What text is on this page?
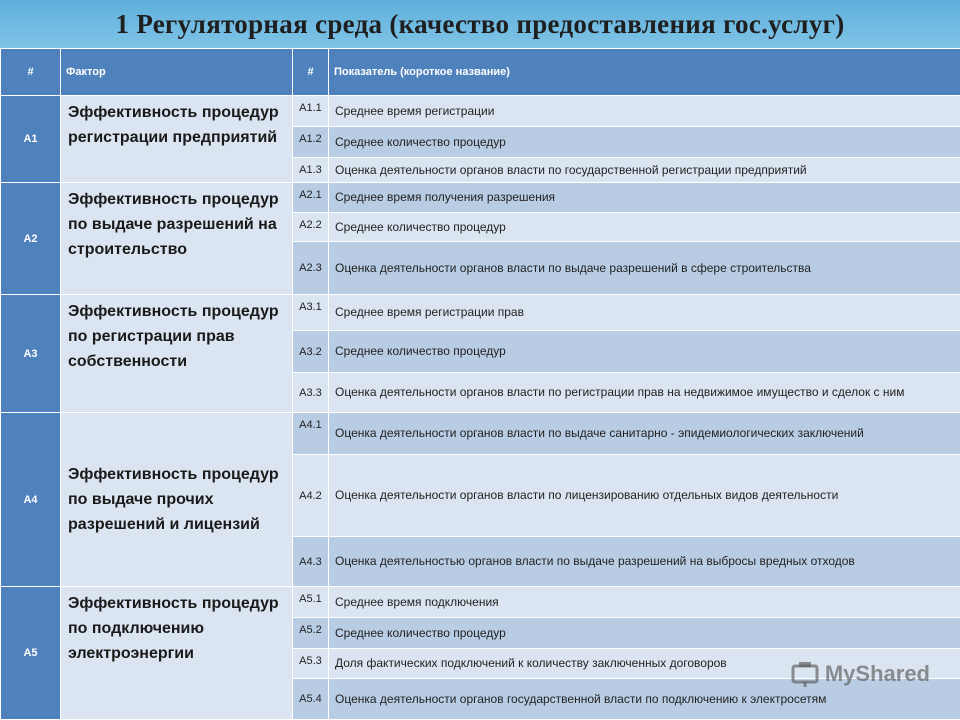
1 Регуляторная среда (качество предоставления гос.услуг)
#	Фактор	#	Показатель (короткое название)
А1	Эффективность процедур регистрации предприятий	А1.1	Среднее время регистрации
		А1.2	Среднее количество процедур
		А1.3	Оценка деятельности органов власти по государственной регистрации предприятий
А2	Эффективность процедур по выдаче разрешений на строительство	А2.1	Среднее время получения разрешения
		А2.2	Среднее количество процедур
		А2.3	Оценка деятельности органов власти по выдаче разрешений в сфере строительства
А3	Эффективность процедур по регистрации прав собственности	А3.1	Среднее время регистрации прав
		А3.2	Среднее количество процедур
		А3.3	Оценка деятельности органов власти по регистрации прав на недвижимое имущество и сделок с ним
А4	Эффективность процедур по выдаче прочих разрешений и лицензий	А4.1	Оценка деятельности органов власти по выдаче санитарно - эпидемиологических заключений
		А4.2	Оценка деятельности органов власти по лицензированию отдельных видов деятельности
		А4.3	Оценка деятельностью органов власти по выдаче разрешений на выбросы вредных отходов
А5	Эффективность процедур по подключению электроэнергии	А5.1	Среднее время подключения
		А5.2	Среднее количество процедур
		А5.3	Доля фактических подключений к количеству заключенных договоров
		А5.4	Оценка деятельности органов государственной власти по подключению к электросетям
MyShared
